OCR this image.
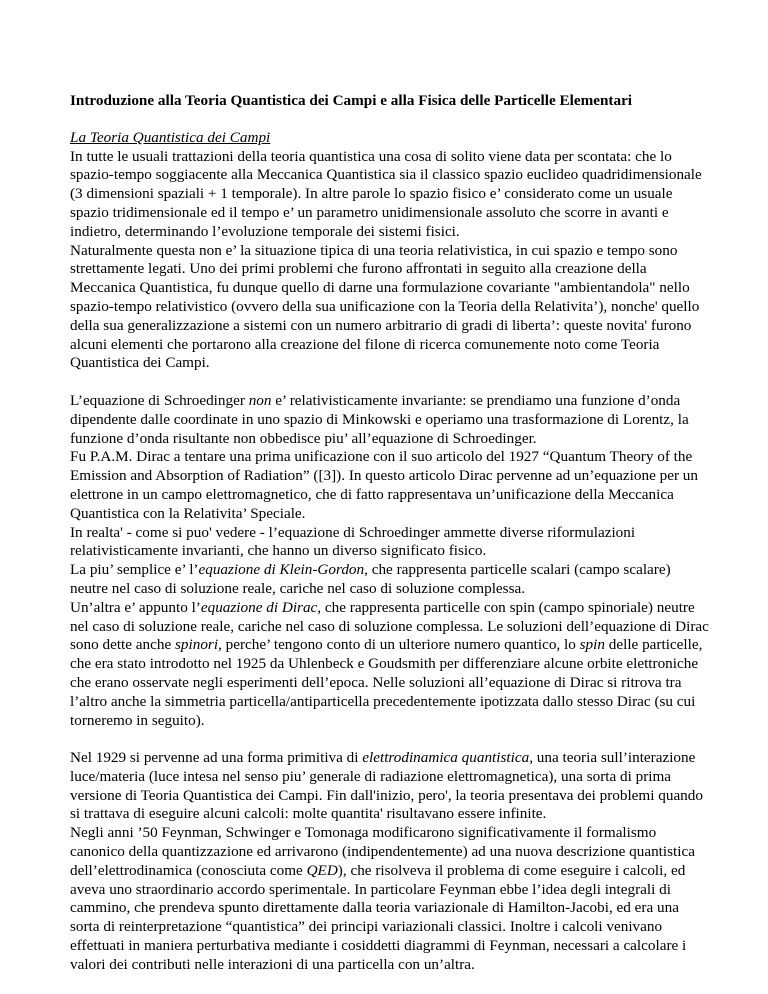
Introduzione alla Teoria Quantistica dei Campi e alla Fisica delle Particelle Elementari
La Teoria Quantistica dei Campi

In tutte le usuali trattazioni della teoria quantistica una cosa di solito viene data per scontata: che lo spazio-tempo soggiacente alla Meccanica Quantistica sia il classico spazio euclideo quadridimensionale (3 dimensioni spaziali + 1 temporale). In altre parole lo spazio fisico e’ considerato come un usuale spazio tridimensionale ed il tempo e’ un parametro unidimensionale assoluto che scorre in avanti e indietro, determinando l’evoluzione temporale dei sistemi fisici.
Naturalmente questa non e’ la situazione tipica di una teoria relativistica, in cui spazio e tempo sono strettamente legati. Uno dei primi problemi che furono affrontati in seguito alla creazione della Meccanica Quantistica, fu dunque quello di darne una formulazione covariante "ambientandola" nello spazio-tempo relativistico (ovvero della sua unificazione con la Teoria della Relativita’), nonche' quello della sua generalizzazione a sistemi con un numero arbitrario di gradi di liberta’: queste novita' furono alcuni elementi che portarono alla creazione del filone di ricerca comunemente noto come Teoria Quantistica dei Campi.

L’equazione di Schroedinger non e’ relativisticamente invariante: se prendiamo una funzione d’onda dipendente dalle coordinate in uno spazio di Minkowski e operiamo una trasformazione di Lorentz, la funzione d’onda risultante non obbedisce piu’ all’equazione di Schroedinger.
Fu P.A.M. Dirac a tentare una prima unificazione con il suo articolo del 1927 “Quantum Theory of the Emission and Absorption of Radiation” ([3]). In questo articolo Dirac pervenne ad un’equazione per un elettrone in un campo elettromagnetico, che di fatto rappresentava un’unificazione della Meccanica Quantistica con la Relativita’ Speciale.
In realta' - come si puo' vedere - l’equazione di Schroedinger ammette diverse riformulazioni relativisticamente invarianti, che hanno un diverso significato fisico.
La piu’ semplice e’ l’equazione di Klein-Gordon, che rappresenta particelle scalari (campo scalare) neutre nel caso di soluzione reale, cariche nel caso di soluzione complessa.
Un’altra e’ appunto l’equazione di Dirac, che rappresenta particelle con spin (campo spinoriale) neutre nel caso di soluzione reale, cariche nel caso di soluzione complessa. Le soluzioni dell’equazione di Dirac sono dette anche spinori, perche’ tengono conto di un ulteriore numero quantico, lo spin delle particelle, che era stato introdotto nel 1925 da Uhlenbeck e Goudsmith per differenziare alcune orbite elettroniche che erano osservate negli esperimenti dell’epoca. Nelle soluzioni all’equazione di Dirac si ritrova tra l’altro anche la simmetria particella/antiparticella precedentemente ipotizzata dallo stesso Dirac (su cui torneremo in seguito).

Nel 1929 si pervenne ad una forma primitiva di elettrodinamica quantistica, una teoria sull’interazione luce/materia (luce intesa nel senso piu’ generale di radiazione elettromagnetica), una sorta di prima versione di Teoria Quantistica dei Campi. Fin dall'inizio, pero', la teoria presentava dei problemi quando si trattava di eseguire alcuni calcoli: molte quantita' risultavano essere infinite.
Negli anni ’50 Feynman, Schwinger e Tomonaga modificarono significativamente il formalismo canonico della quantizzazione ed arrivarono (indipendentemente) ad una nuova descrizione quantistica dell’elettrodinamica (conosciuta come QED), che risolveva il problema di come eseguire i calcoli, ed aveva uno straordinario accordo sperimentale. In particolare Feynman ebbe l’idea degli integrali di cammino, che prendeva spunto direttamente dalla teoria variazionale di Hamilton-Jacobi, ed era una sorta di reinterpretazione “quantistica” dei principi variazionali classici. Inoltre i calcoli venivano effettuati in maniera perturbativa mediante i cosiddetti diagrammi di Feynman, necessari a calcolare i valori dei contributi nelle interazioni di una particella con un’altra.
